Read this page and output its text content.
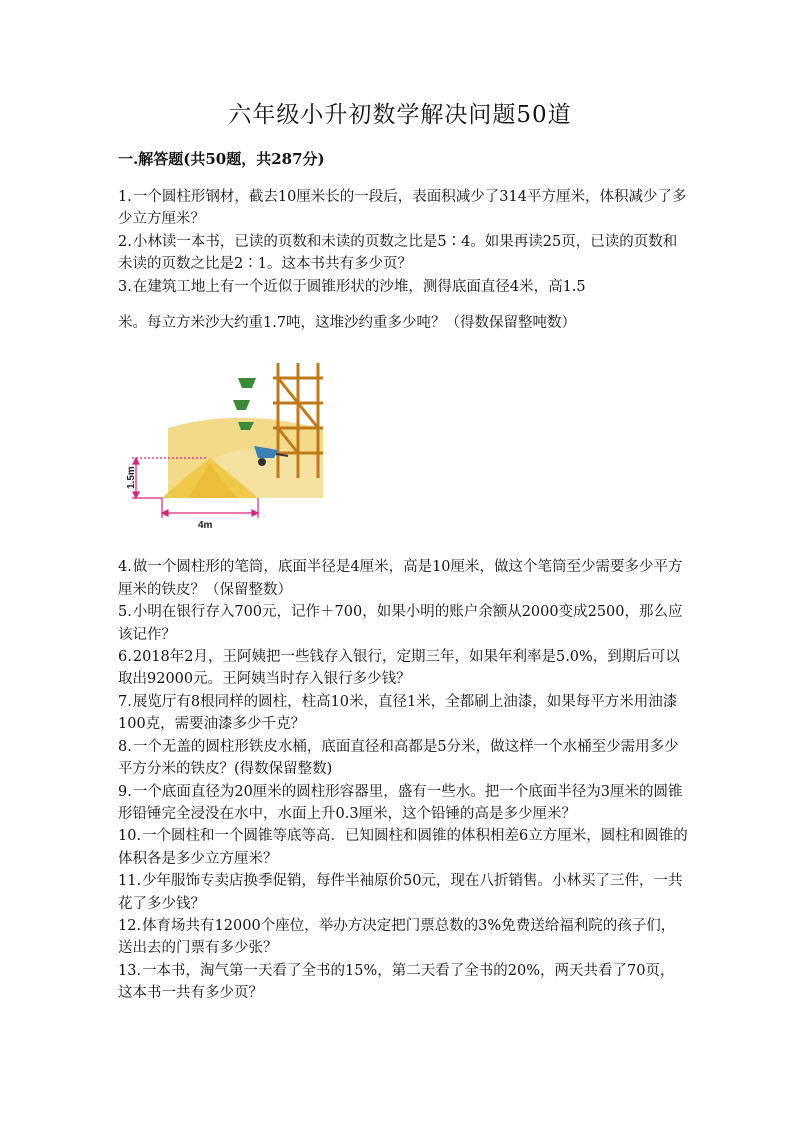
六年级小升初数学解决问题50道
一.解答题(共50题，共287分)

1.一个圆柱形钢材，截去10厘米长的一段后，表面积减少了314平方厘米，体积减少了多少立方厘米？

2.小林读一本书，已读的页数和未读的页数之比是5∶4。如果再读25页，已读的页数和未读的页数之比是2∶1。这本书共有多少页？

3.在建筑工地上有一个近似于圆锥形状的沙堆，测得底面直径4米，高1.5

米。每立方米沙大约重1.7吨，这堆沙约重多少吨？（得数保留整吨数）

1.5m
4m

4.做一个圆柱形的笔筒，底面半径是4厘米，高是10厘米，做这个笔筒至少需要多少平方厘米的铁皮？（保留整数）

5.小明在银行存入700元，记作＋700，如果小明的账户余额从2000变成2500，那么应该记作？

6.2018年2月，王阿姨把一些钱存入银行，定期三年，如果年利率是5.0%，到期后可以取出92000元。王阿姨当时存入银行多少钱？

7.展览厅有8根同样的圆柱，柱高10米，直径1米，全都刷上油漆，如果每平方米用油漆100克，需要油漆多少千克？

8.一个无盖的圆柱形铁皮水桶，底面直径和高都是5分米，做这样一个水桶至少需用多少平方分米的铁皮？(得数保留整数)

9.一个底面直径为20厘米的圆柱形容器里，盛有一些水。把一个底面半径为3厘米的圆锥形铅锤完全浸没在水中，水面上升0.3厘米，这个铅锤的高是多少厘米？

10.一个圆柱和一个圆锥等底等高．已知圆柱和圆锥的体积相差6立方厘米，圆柱和圆锥的体积各是多少立方厘米？

11.少年服饰专卖店换季促销，每件半袖原价50元，现在八折销售。小林买了三件，一共花了多少钱？

12.体育场共有12000个座位，举办方决定把门票总数的3%免费送给福利院的孩子们，送出去的门票有多少张？

13.一本书，淘气第一天看了全书的15%，第二天看了全书的20%，两天共看了70页，这本书一共有多少页？
